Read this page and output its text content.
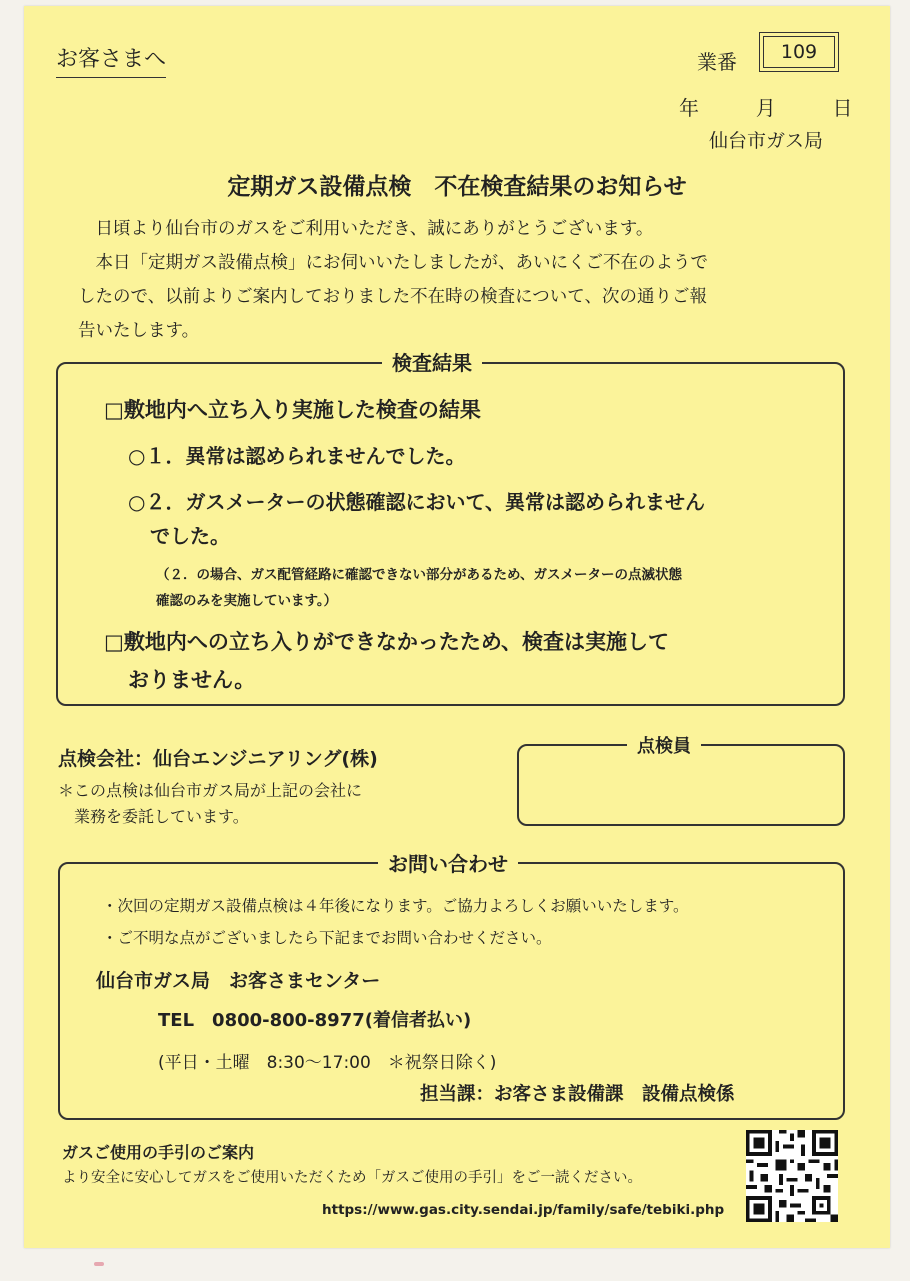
お客さまへ	業番	109
年	月	日
仙台市ガス局
定期ガス設備点検　不在検査結果のお知らせ

日頃より仙台市のガスをご利用いただき、誠にありがとうございます。

本日「定期ガス設備点検」にお伺いいたしましたが、あいにくご不在のようで

したので、以前よりご案内しておりました不在時の検査について、次の通りご報

告いたします。

検査結果
□敷地内へ立ち入り実施した検査の結果
○１．異常は認められませんでした。
○２．ガスメーターの状態確認において、異常は認められません
でした。
（２．の場合、ガス配管経路に確認できない部分があるため、ガスメーターの点滅状態
確認のみを実施しています。）
□敷地内への立ち入りができなかったため、検査は実施して
おりません。
点検会社：仙台エンジニアリング(株)
＊この点検は仙台市ガス局が上記の会社に
業務を委託しています。
点検員
お問い合わせ
・次回の定期ガス設備点検は４年後になります。ご協力よろしくお願いいたします。
・ご不明な点がございましたら下記までお問い合わせください。
仙台市ガス局　お客さまセンター
TEL　0800-800-8977(着信者払い)
(平日・土曜　8:30～17:00　＊祝祭日除く)
担当課：お客さま設備課　設備点検係
ガスご使用の手引のご案内
より安全に安心してガスをご使用いただくため「ガスご使用の手引」をご一読ください。
https://www.gas.city.sendai.jp/family/safe/tebiki.php
